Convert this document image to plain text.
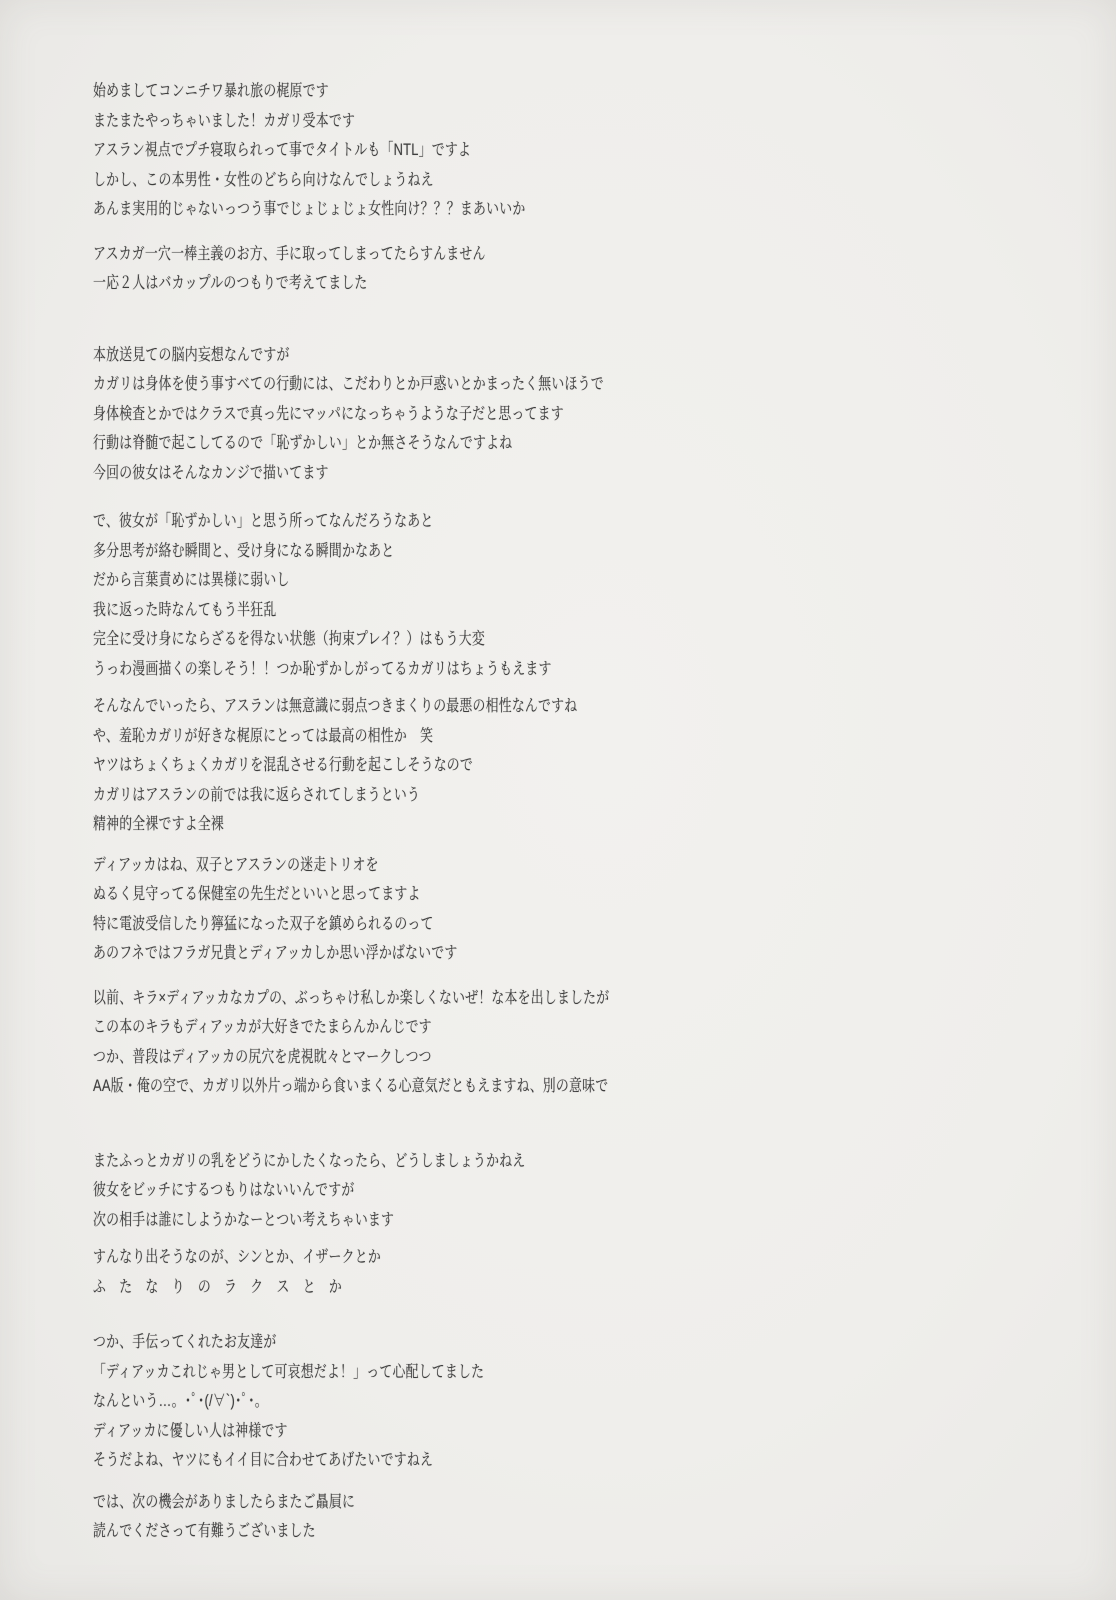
始めましてコンニチワ暴れ旅の梶原です
またまたやっちゃいました！カガリ受本です
アスラン視点でプチ寝取られって事でタイトルも「NTL」ですよ
しかし、この本男性・女性のどちら向けなんでしょうねえ
あんま実用的じゃないっつう事でじょじょじょ女性向け？？？まあいいか
アスカガ一穴一棒主義のお方、手に取ってしまってたらすんません
一応２人はバカップルのつもりで考えてました
本放送見ての脳内妄想なんですが
カガリは身体を使う事すべての行動には、こだわりとか戸惑いとかまったく無いほうで
身体検査とかではクラスで真っ先にマッパになっちゃうような子だと思ってます
行動は脊髄で起こしてるので「恥ずかしい」とか無さそうなんですよね
今回の彼女はそんなカンジで描いてます
で、彼女が「恥ずかしい」と思う所ってなんだろうなあと
多分思考が絡む瞬間と、受け身になる瞬間かなあと
だから言葉責めには異様に弱いし
我に返った時なんてもう半狂乱
完全に受け身にならざるを得ない状態（拘束プレイ？）はもう大変
うっわ漫画描くの楽しそう！！つか恥ずかしがってるカガリはちょうもえます
そんなんでいったら、アスランは無意識に弱点つきまくりの最悪の相性なんですね
や、羞恥カガリが好きな梶原にとっては最高の相性か　笑
ヤツはちょくちょくカガリを混乱させる行動を起こしそうなので
カガリはアスランの前では我に返らされてしまうという
精神的全裸ですよ全裸
ディアッカはね、双子とアスランの迷走トリオを
ぬるく見守ってる保健室の先生だといいと思ってますよ
特に電波受信したり獰猛になった双子を鎮められるのって
あのフネではフラガ兄貴とディアッカしか思い浮かばないです
以前、キラ×ディアッカなカプの、ぶっちゃけ私しか楽しくないぜ！な本を出しましたが
この本のキラもディアッカが大好きでたまらんかんじです
つか、普段はディアッカの尻穴を虎視眈々とマークしつつ
AA版・俺の空で、カガリ以外片っ端から食いまくる心意気だともえますね、別の意味で
またふっとカガリの乳をどうにかしたくなったら、どうしましょうかねえ
彼女をビッチにするつもりはないいんですが
次の相手は誰にしようかなーとつい考えちゃいます
すんなり出そうなのが、シンとか、イザークとか
ふ　た　な　り　の　ラ　ク　ス　と　か
つか、手伝ってくれたお友達が
「ディアッカこれじゃ男として可哀想だよ！」って心配してました
なんという…。･ﾟ･(/∀`)･ﾟ･。
ディアッカに優しい人は神様です
そうだよね、ヤツにもイイ目に合わせてあげたいですねえ
では、次の機会がありましたらまたご贔屓に
読んでくださって有難うございました
